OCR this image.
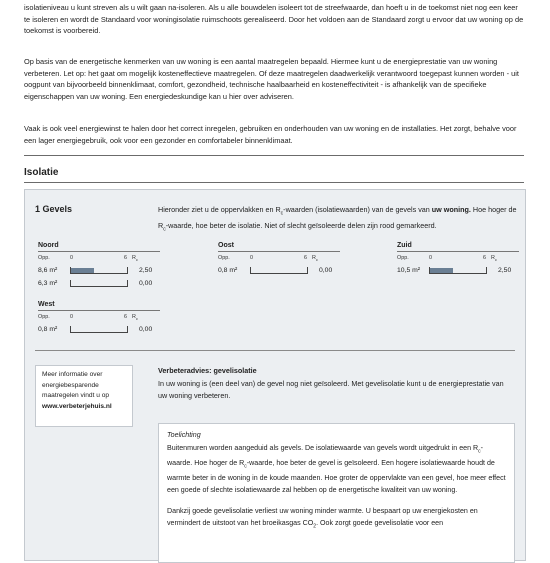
isolatieniveau u kunt streven als u wilt gaan na-isoleren. Als u alle bouwdelen isoleert tot de streefwaarde, dan hoeft u in de toekomst niet nog een keer te isoleren en wordt de Standaard voor woningisolatie ruimschoots gerealiseerd. Door het voldoen aan de Standaard zorgt u ervoor dat uw woning op de toekomst is voorbereid.

Op basis van de energetische kenmerken van uw woning is een aantal maatregelen bepaald. Hiermee kunt u de energieprestatie van uw woning verbeteren. Let op: het gaat om mogelijk kosteneffectieve maatregelen. Of deze maatregelen daadwerkelijk verantwoord toegepast kunnen worden - uit oogpunt van bijvoorbeeld binnenklimaat, comfort, gezondheid, technische haalbaarheid en kosteneffectiviteit - is afhankelijk van de specifieke eigenschappen van uw woning. Een energiedeskundige kan u hier over adviseren.

Vaak is ook veel energiewinst te halen door het correct inregelen, gebruiken en onderhouden van uw woning en de installaties. Het zorgt, behalve voor een lager energiegebruik, ook voor een gezonder en comfortabeler binnenklimaat.

Isolatie
1 Gevels	Hieronder ziet u de oppervlakken en $R_c$-waarden (isolatiewaarden) van de gevels van uw woning. Hoe hoger de $R_c$-waarde, hoe beter de isolatie. Niet of slecht geïsoleerde delen zijn rood gemarkeerd.
Noord
Opp.	0	6 $R_c$
8,6 m²	2,50
6,3 m²	0,00
Oost
Opp.	0	6 $R_c$
0,8 m²	0,00
Zuid
Opp.	0	6 $R_c$
10,5 m²	2,50
West
Opp.	0	6 $R_c$
0,8 m²	0,00
Meer informatie over energiebesparende maatregelen vindt u op
www.verbeterjehuis.nl
Verbeteradvies: gevelisolatie

In uw woning is (een deel van) de gevel nog niet geïsoleerd. Met gevelisolatie kunt u de energieprestatie van uw woning verbeteren.

Toelichting

Buitenmuren worden aangeduid als gevels. De isolatiewaarde van gevels wordt uitgedrukt in een $R_c$-waarde. Hoe hoger de $R_c$-waarde, hoe beter de gevel is geïsoleerd. Een hogere isolatiewaarde houdt de warmte beter in de woning in de koude maanden. Hoe groter de oppervlakte van een gevel, hoe meer effect een goede of slechte isolatiewaarde zal hebben op de energetische kwaliteit van uw woning.

Dankzij goede gevelisolatie verliest uw woning minder warmte. U bespaart op uw energiekosten en vermindert de uitstoot van het broeikasgas $CO_2$. Ook zorgt goede gevelisolatie voor een
